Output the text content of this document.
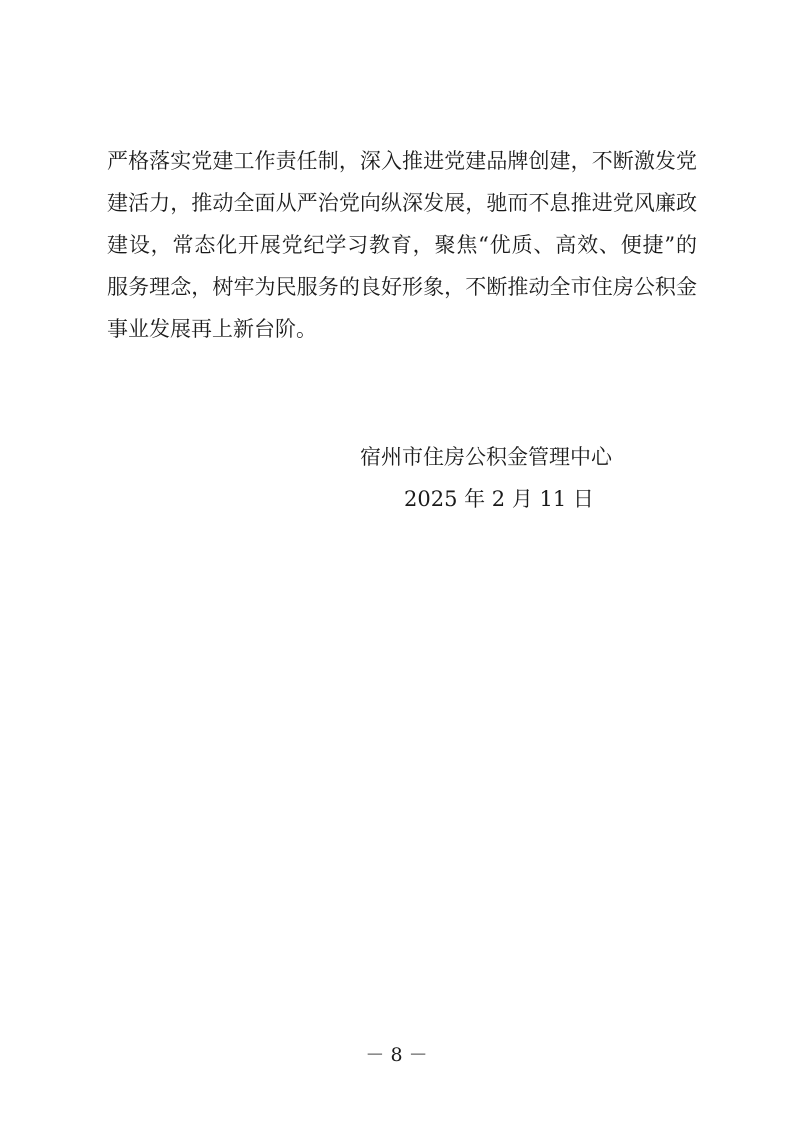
严格落实党建工作责任制，深入推进党建品牌创建，不断激发党
建活力，推动全面从严治党向纵深发展，驰而不息推进党风廉政
建设，常态化开展党纪学习教育，聚焦“优质、高效、便捷”的
服务理念，树牢为民服务的良好形象，不断推动全市住房公积金
事业发展再上新台阶。
宿州市住房公积金管理中心
2025 年 2 月 11 日
－ 8 －
